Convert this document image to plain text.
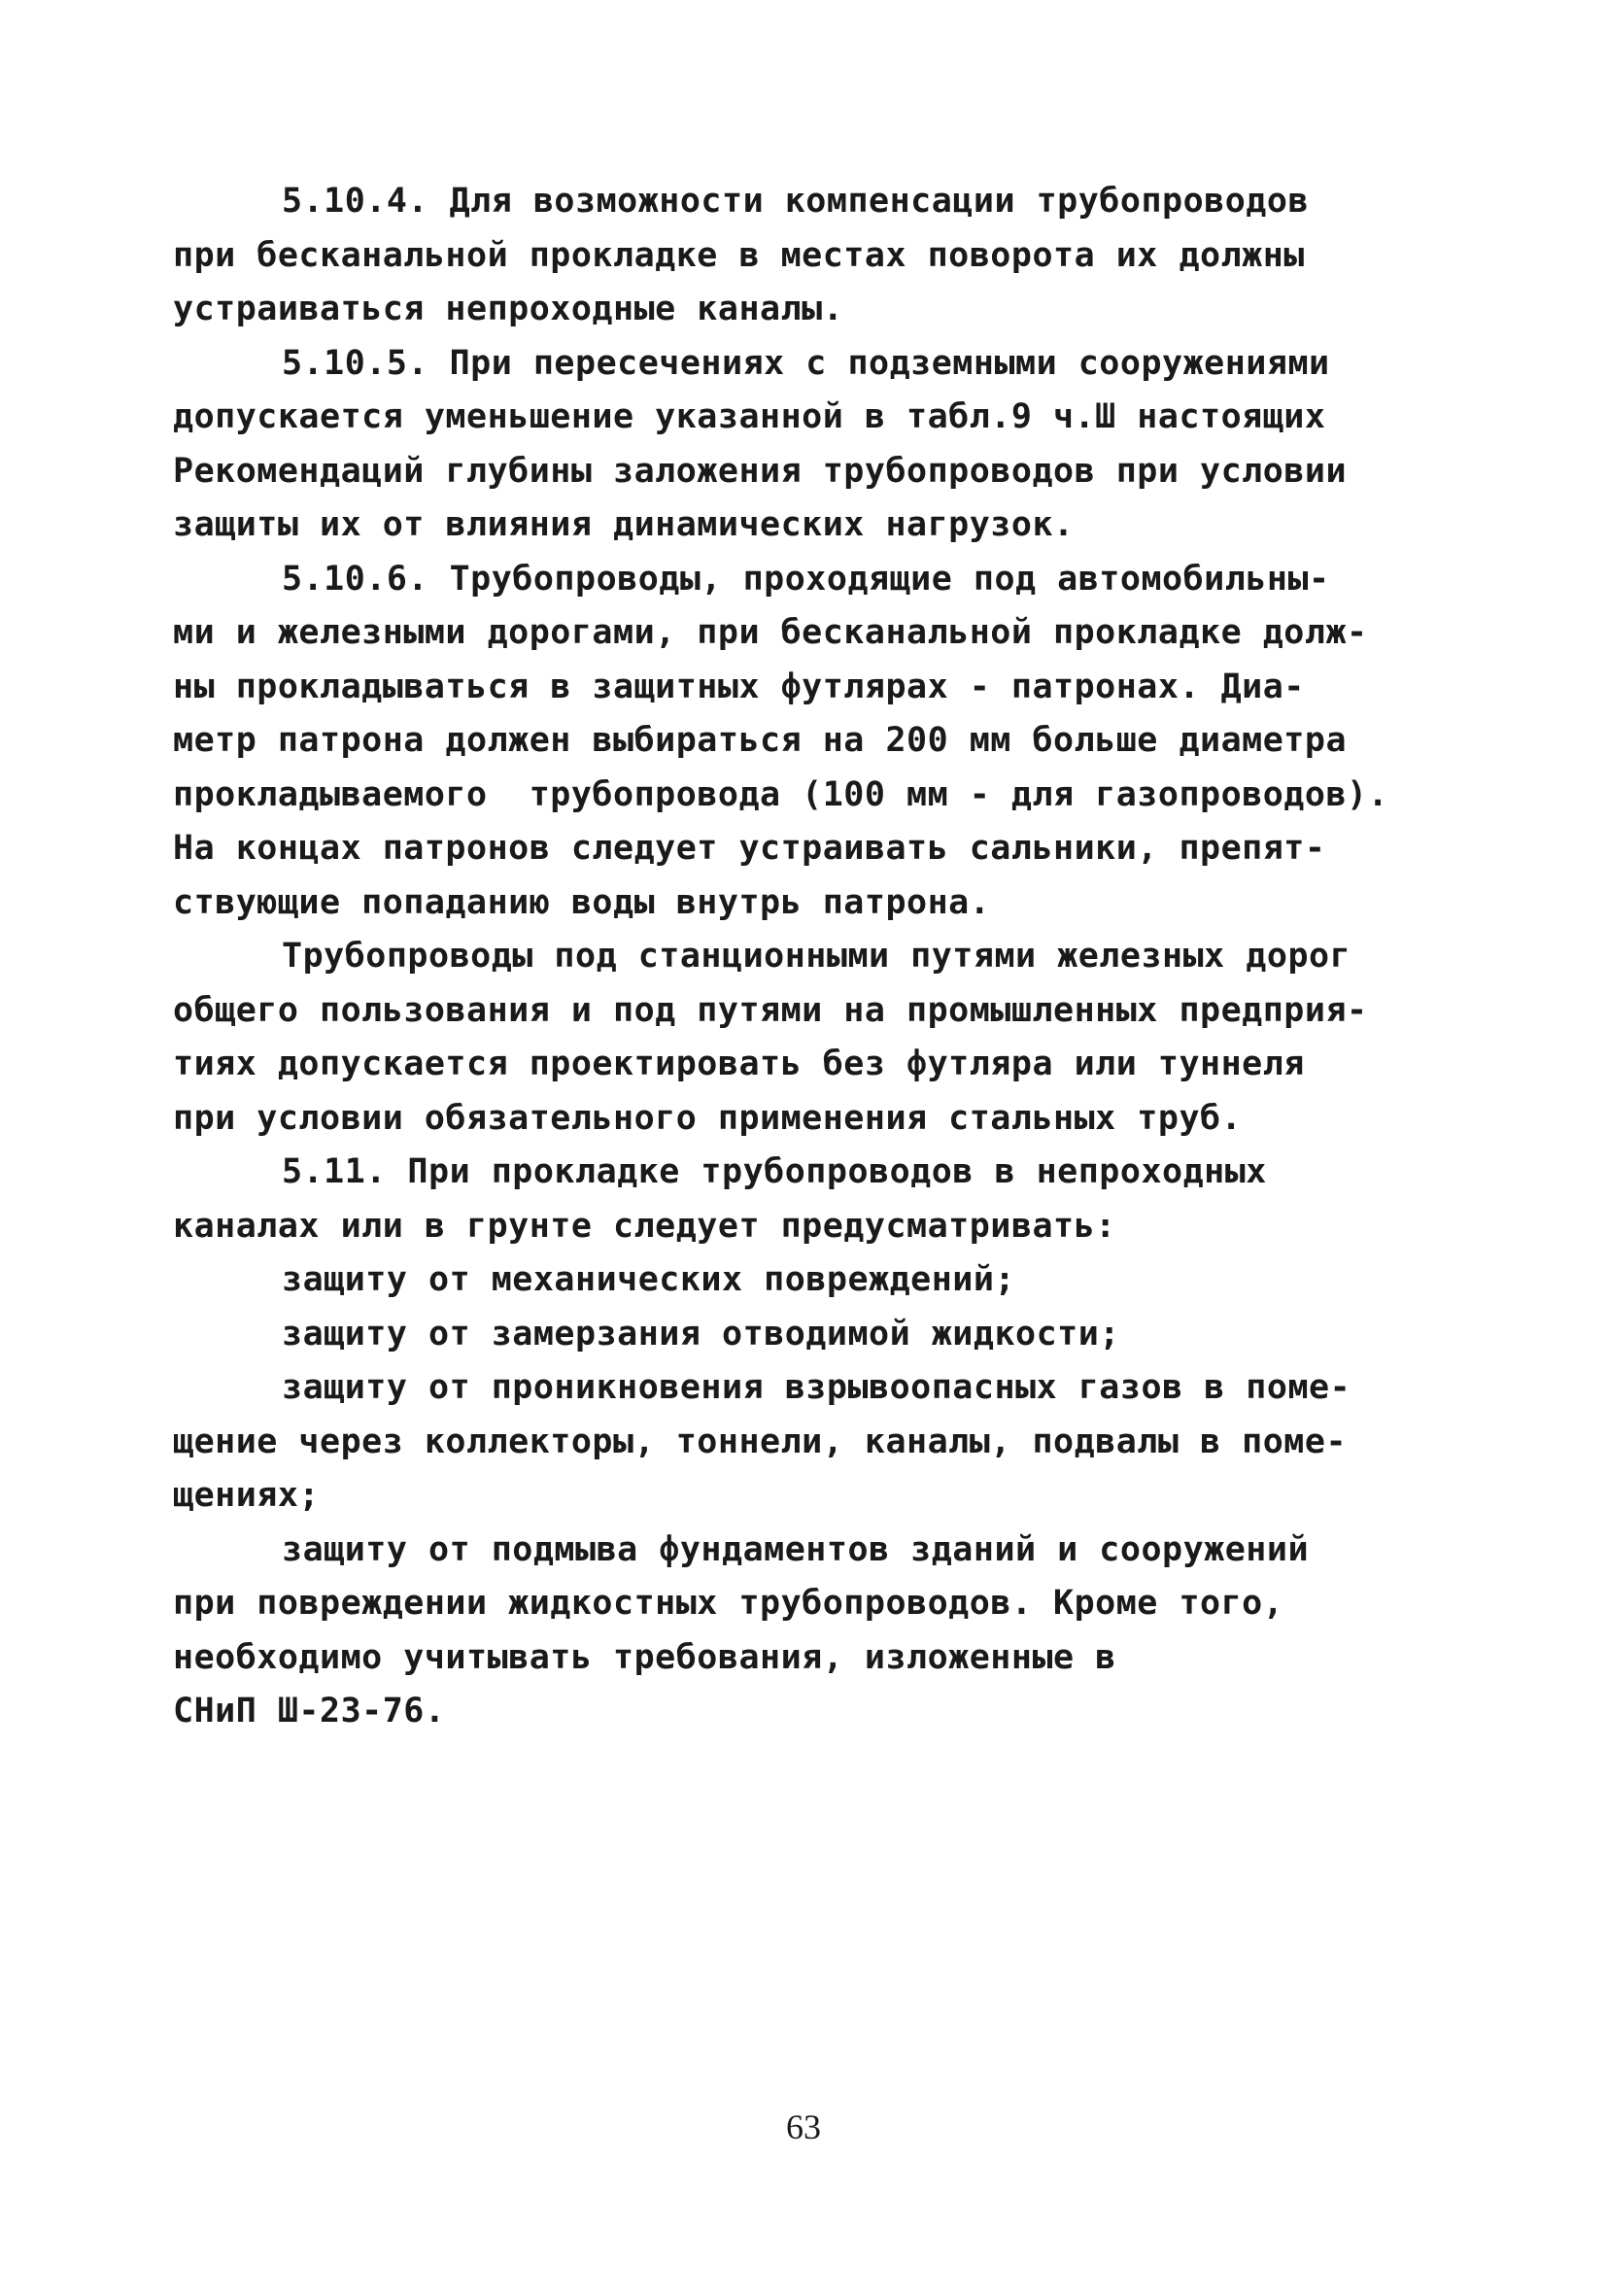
5.10.4. Для возможности компенсации трубопроводов
при бесканальной прокладке в местах поворота их должны
устраиваться непроходные каналы.
5.10.5. При пересечениях с подземными сооружениями
допускается уменьшение указанной в табл.9 ч.Ш настоящих
Рекомендаций глубины заложения трубопроводов при условии
защиты их от влияния динамических нагрузок.
5.10.6. Трубопроводы, проходящие под автомобильны-
ми и железными дорогами, при бесканальной прокладке долж-
ны прокладываться в защитных футлярах - патронах. Диа-
метр патрона должен выбираться на 200 мм больше диаметра
прокладываемого  трубопровода (100 мм - для газопроводов).
На концах патронов следует устраивать сальники, препят-
ствующие попаданию воды внутрь патрона.
Трубопроводы под станционными путями железных дорог
общего пользования и под путями на промышленных предприя-
тиях допускается проектировать без футляра или туннеля
при условии обязательного применения стальных труб.
5.11. При прокладке трубопроводов в непроходных
каналах или в грунте следует предусматривать:
защиту от механических повреждений;
защиту от замерзания отводимой жидкости;
защиту от проникновения взрывоопасных газов в поме-
щение через коллекторы, тоннели, каналы, подвалы в поме-
щениях;
защиту от подмыва фундаментов зданий и сооружений
при повреждении жидкостных трубопроводов. Кроме того,
необходимо учитывать требования, изложенные в
СНиП Ш-23-76.
63
